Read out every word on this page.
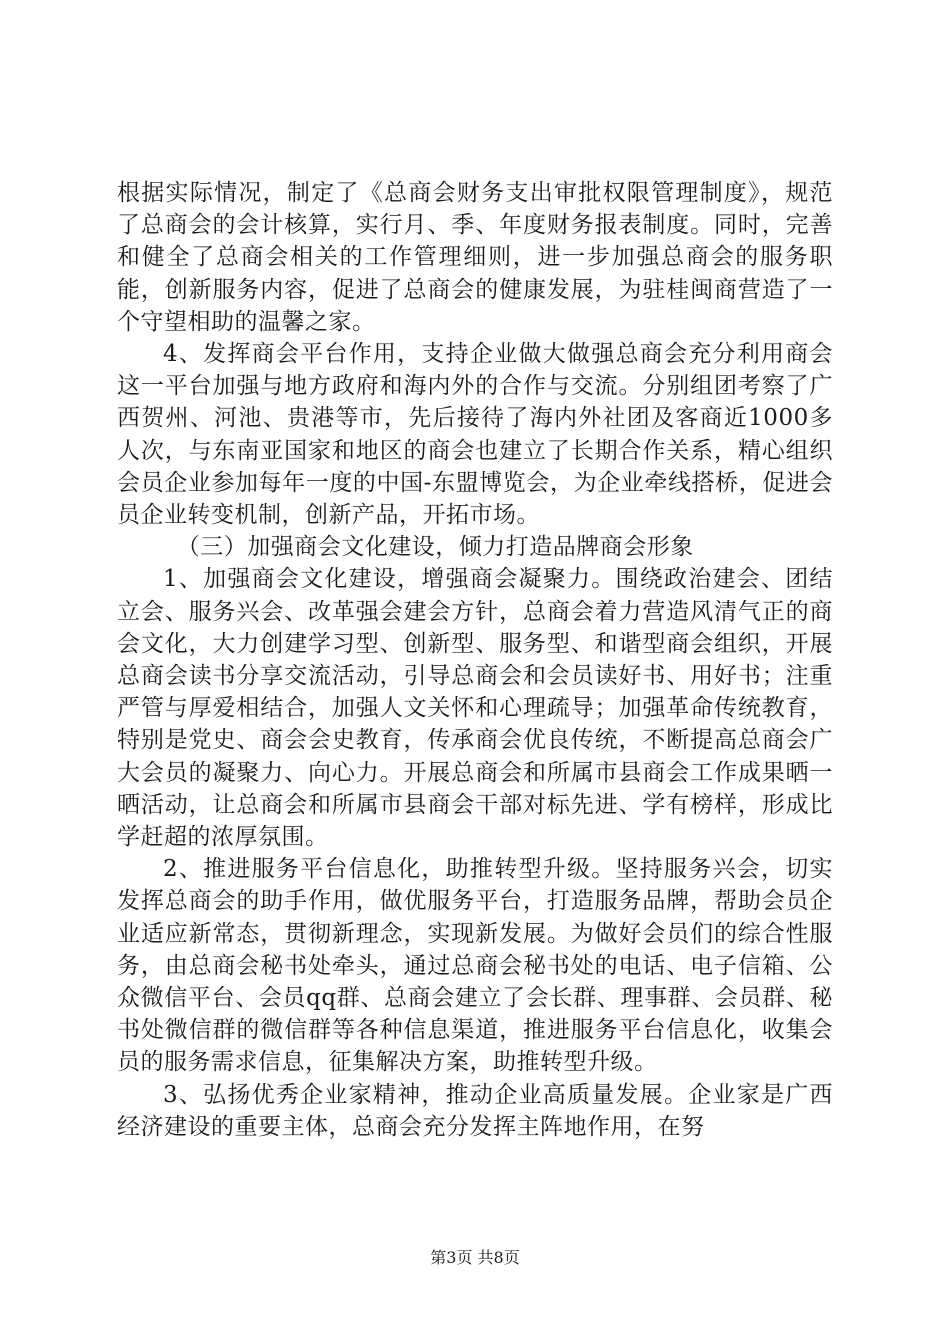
根据实际情况，制定了《总商会财务支出审批权限管理制度》，规范了总商会的会计核算，实行月、季、年度财务报表制度。同时，完善和健全了总商会相关的工作管理细则，进一步加强总商会的服务职能，创新服务内容，促进了总商会的健康发展，为驻桂闽商营造了一个守望相助的温馨之家。

4、发挥商会平台作用，支持企业做大做强总商会充分利用商会这一平台加强与地方政府和海内外的合作与交流。分别组团考察了广西贺州、河池、贵港等市，先后接待了海内外社团及客商近1000多人次，与东南亚国家和地区的商会也建立了长期合作关系，精心组织会员企业参加每年一度的中国-东盟博览会，为企业牵线搭桥，促进会员企业转变机制，创新产品，开拓市场。

（三）加强商会文化建设，倾力打造品牌商会形象

1、加强商会文化建设，增强商会凝聚力。围绕政治建会、团结立会、服务兴会、改革强会建会方针，总商会着力营造风清气正的商会文化，大力创建学习型、创新型、服务型、和谐型商会组织，开展总商会读书分享交流活动，引导总商会和会员读好书、用好书；注重严管与厚爱相结合，加强人文关怀和心理疏导；加强革命传统教育，特别是党史、商会会史教育，传承商会优良传统，不断提高总商会广大会员的凝聚力、向心力。开展总商会和所属市县商会工作成果晒一晒活动，让总商会和所属市县商会干部对标先进、学有榜样，形成比学赶超的浓厚氛围。

2、推进服务平台信息化，助推转型升级。坚持服务兴会，切实发挥总商会的助手作用，做优服务平台，打造服务品牌，帮助会员企业适应新常态，贯彻新理念，实现新发展。为做好会员们的综合性服务，由总商会秘书处牵头，通过总商会秘书处的电话、电子信箱、公众微信平台、会员qq群、总商会建立了会长群、理事群、会员群、秘书处微信群的微信群等各种信息渠道，推进服务平台信息化，收集会员的服务需求信息，征集解决方案，助推转型升级。

3、弘扬优秀企业家精神，推动企业高质量发展。企业家是广西经济建设的重要主体，总商会充分发挥主阵地作用，在努

第3页 共8页
